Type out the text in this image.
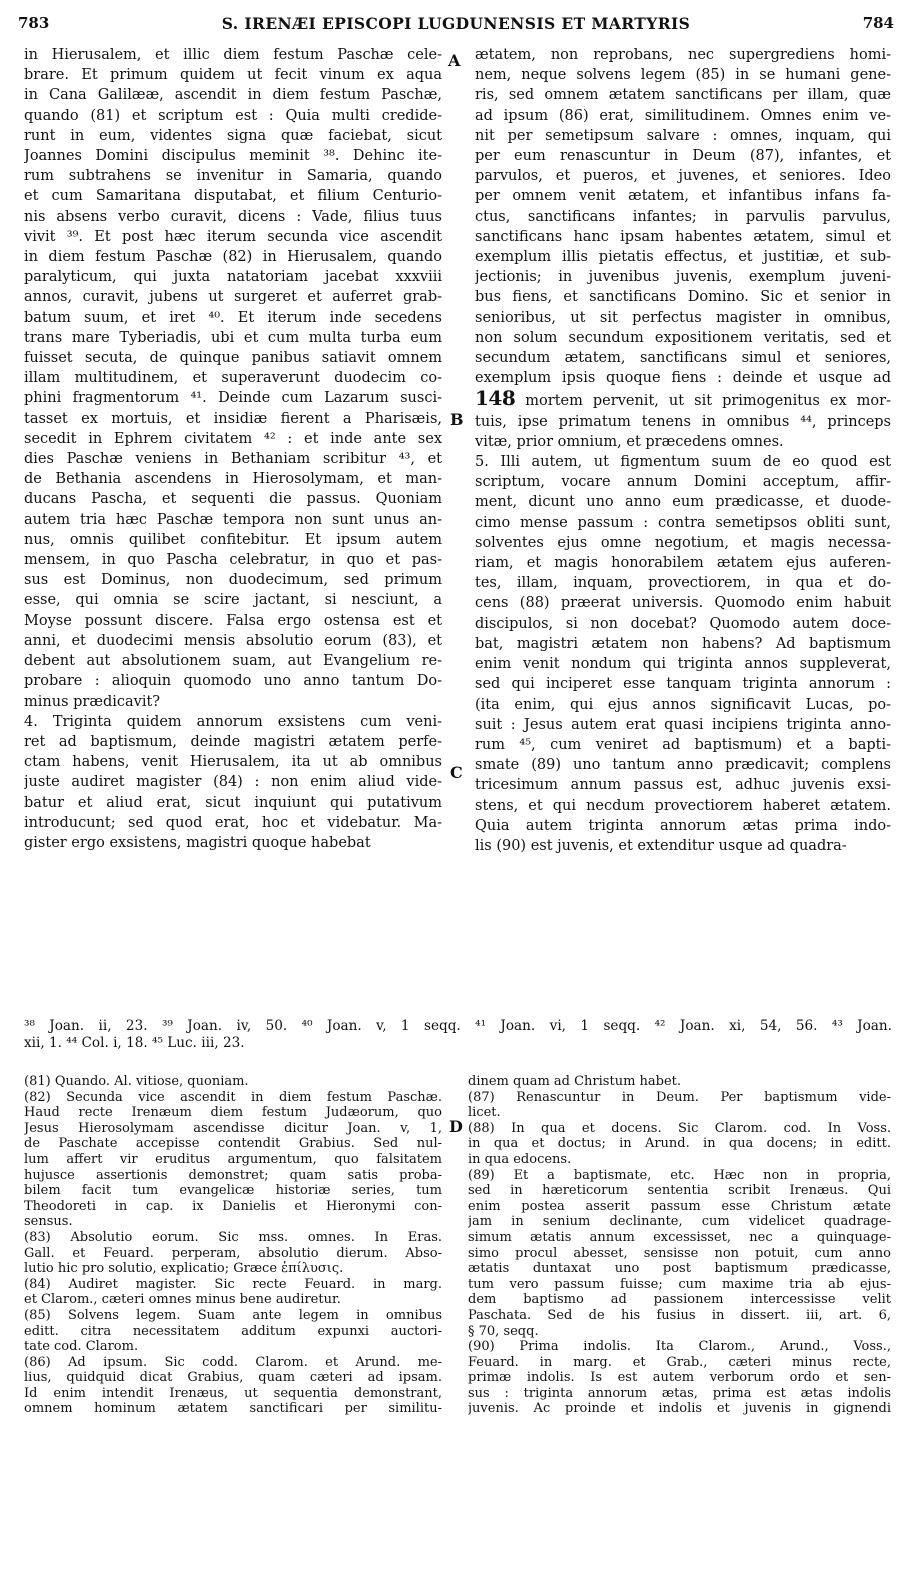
783	S. IRENÆI EPISCOPI LUGDUNENSIS ET MARTYRIS	784
in Hierusalem, et illic diem festum Paschæ cele-
brare. Et primum quidem ut fecit vinum ex aqua
in Cana Galilææ, ascendit in diem festum Paschæ,
quando (81) et scriptum est : Quia multi credide-
runt in eum, videntes signa quæ faciebat, sicut
Joannes Domini discipulus meminit ³⁸. Dehinc ite-
rum subtrahens se invenitur in Samaria, quando
et cum Samaritana disputabat, et filium Centurio-
nis absens verbo curavit, dicens : Vade, filius tuus
vivit ³⁹. Et post hæc iterum secunda vice ascendit
in diem festum Paschæ (82) in Hierusalem, quando
paralyticum, qui juxta natatoriam jacebat xxxviii
annos, curavit, jubens ut surgeret et auferret grab-
batum suum, et iret ⁴⁰. Et iterum inde secedens
trans mare Tyberiadis, ubi et cum multa turba eum
fuisset secuta, de quinque panibus satiavit omnem
illam multitudinem, et superaverunt duodecim co-
phini fragmentorum ⁴¹. Deinde cum Lazarum susci-
tasset ex mortuis, et insidiæ fierent a Pharisæis,
secedit in Ephrem civitatem ⁴² : et inde ante sex
dies Paschæ veniens in Bethaniam scribitur ⁴³, et
de Bethania ascendens in Hierosolymam, et man-
ducans Pascha, et sequenti die passus. Quoniam
autem tria hæc Paschæ tempora non sunt unus an-
nus, omnis quilibet confitebitur. Et ipsum autem
mensem, in quo Pascha celebratur, in quo et pas-
sus est Dominus, non duodecimum, sed primum
esse, qui omnia se scire jactant, si nesciunt, a
Moyse possunt discere. Falsa ergo ostensa est et
anni, et duodecimi mensis absolutio eorum (83), et
debent aut absolutionem suam, aut Evangelium re-
probare : alioquin quomodo uno anno tantum Do-
minus prædicavit?
4. Triginta quidem annorum exsistens cum veni-
ret ad baptismum, deinde magistri ætatem perfe-
ctam habens, venit Hierusalem, ita ut ab omnibus
juste audiret magister (84) : non enim aliud vide-
batur et aliud erat, sicut inquiunt qui putativum
introducunt; sed quod erat, hoc et videbatur. Ma-
gister ergo exsistens, magistri quoque habebat
ætatem, non reprobans, nec supergrediens homi-
nem, neque solvens legem (85) in se humani gene-
ris, sed omnem ætatem sanctificans per illam, quæ
ad ipsum (86) erat, similitudinem. Omnes enim ve-
nit per semetipsum salvare : omnes, inquam, qui
per eum renascuntur in Deum (87), infantes, et
parvulos, et pueros, et juvenes, et seniores. Ideo
per omnem venit ætatem, et infantibus infans fa-
ctus, sanctificans infantes; in parvulis parvulus,
sanctificans hanc ipsam habentes ætatem, simul et
exemplum illis pietatis effectus, et justitiæ, et sub-
jectionis; in juvenibus juvenis, exemplum juveni-
bus fiens, et sanctificans Domino. Sic et senior in
senioribus, ut sit perfectus magister in omnibus,
non solum secundum expositionem veritatis, sed et
secundum ætatem, sanctificans simul et seniores,
exemplum ipsis quoque fiens : deinde et usque ad
148 mortem pervenit, ut sit primogenitus ex mor-
tuis, ipse primatum tenens in omnibus ⁴⁴, princeps
vitæ, prior omnium, et præcedens omnes.
5. Illi autem, ut figmentum suum de eo quod est
scriptum, vocare annum Domini acceptum, affir-
ment, dicunt uno anno eum prædicasse, et duode-
cimo mense passum : contra semetipsos obliti sunt,
solventes ejus omne negotium, et magis necessa-
riam, et magis honorabilem ætatem ejus auferen-
tes, illam, inquam, provectiorem, in qua et do-
cens (88) præerat universis. Quomodo enim habuit
discipulos, si non docebat? Quomodo autem doce-
bat, magistri ætatem non habens? Ad baptismum
enim venit nondum qui triginta annos suppleverat,
sed qui inciperet esse tanquam triginta annorum :
(ita enim, qui ejus annos significavit Lucas, po-
suit : Jesus autem erat quasi incipiens triginta anno-
rum ⁴⁵, cum veniret ad baptismum) et a bapti-
smate (89) uno tantum anno prædicavit; complens
tricesimum annum passus est, adhuc juvenis exsi-
stens, et qui necdum provectiorem haberet ætatem.
Quia autem triginta annorum ætas prima indo-
lis (90) est juvenis, et extenditur usque ad quadra-
A
B
C
D
³⁸ Joan. ii, 23. ³⁹ Joan. iv, 50. ⁴⁰ Joan. v, 1 seqq. ⁴¹ Joan. vi, 1 seqq. ⁴² Joan. xi, 54, 56. ⁴³ Joan.
xii, 1. ⁴⁴ Col. i, 18. ⁴⁵ Luc. iii, 23.
(81) Quando. Al. vitiose, quoniam.
(82) Secunda vice ascendit in diem festum Paschæ.
Haud recte Irenæum diem festum Judæorum, quo
Jesus Hierosolymam ascendisse dicitur Joan. v, 1,
de Paschate accepisse contendit Grabius. Sed nul-
lum affert vir eruditus argumentum, quo falsitatem
hujusce assertionis demonstret; quam satis proba-
bilem facit tum evangelicæ historiæ series, tum
Theodoreti in cap. ix Danielis et Hieronymi con-
sensus.
(83) Absolutio eorum. Sic mss. omnes. In Eras.
Gall. et Feuard. perperam, absolutio dierum. Abso-
lutio hic pro solutio, explicatio; Græce ἐπίλυσις.
(84) Audiret magister. Sic recte Feuard. in marg.
et Clarom., cæteri omnes minus bene audiretur.
(85) Solvens legem. Suam ante legem in omnibus
editt. citra necessitatem additum expunxi auctori-
tate cod. Clarom.
(86) Ad ipsum. Sic codd. Clarom. et Arund. me-
lius, quidquid dicat Grabius, quam cæteri ad ipsam.
Id enim intendit Irenæus, ut sequentia demonstrant,
omnem hominum ætatem sanctificari per similitu-
dinem quam ad Christum habet.
(87) Renascuntur in Deum. Per baptismum vide-
licet.
(88) In qua et docens. Sic Clarom. cod. In Voss.
in qua et doctus; in Arund. in qua docens; in editt.
in qua edocens.
(89) Et a baptismate, etc. Hæc non in propria,
sed in hæreticorum sententia scribit Irenæus. Qui
enim postea asserit passum esse Christum ætate
jam in senium declinante, cum videlicet quadrage-
simum ætatis annum excessisset, nec a quinquage-
simo procul abesset, sensisse non potuit, cum anno
ætatis duntaxat uno post baptismum prædicasse,
tum vero passum fuisse; cum maxime tria ab ejus-
dem baptismo ad passionem intercessisse velit
Paschata. Sed de his fusius in dissert. iii, art. 6,
§ 70, seqq.
(90) Prima indolis. Ita Clarom., Arund., Voss.,
Feuard. in marg. et Grab., cæteri minus recte,
primæ indolis. Is est autem verborum ordo et sen-
sus : triginta annorum ætas, prima est ætas indolis
juvenis. Ac proinde et indolis et juvenis in gignendi
